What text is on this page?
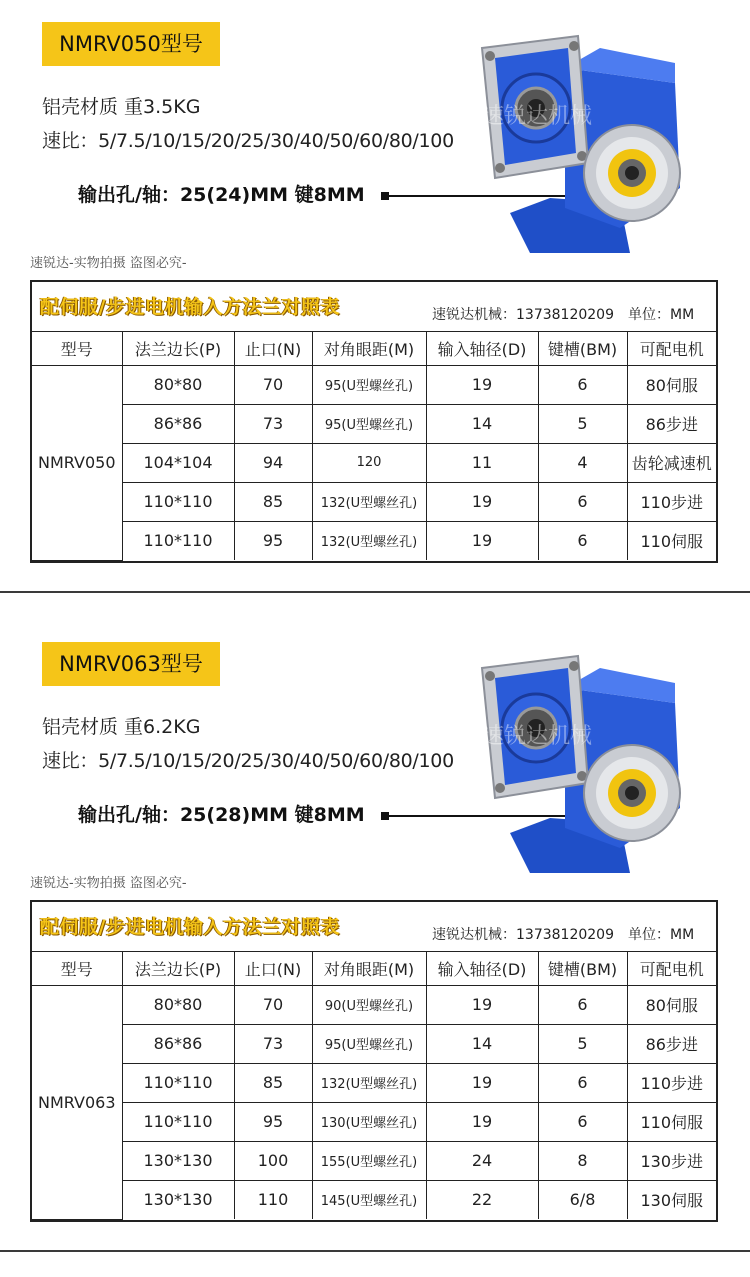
NMRV050型号
铝壳材质 重3.5KG
速比：5/7.5/10/15/20/25/30/40/50/60/80/100
输出孔/轴：25(24)MM 键8MM
速锐达-实物拍摄 盗图必究-
速锐达机械
配伺服/步进电机输入方法兰对照表	速锐达机械：13738120209 单位：MM
型号	法兰边长(P)	止口(N)	对角眼距(M)	输入轴径(D)	键槽(BM)	可配电机
NMRV050	80*80	70	95(U型螺丝孔)	19	6	80伺服
	86*86	73	95(U型螺丝孔)	14	5	86步进
	104*104	94	120	11	4	齿轮减速机
	110*110	85	132(U型螺丝孔)	19	6	110步进
	110*110	95	132(U型螺丝孔)	19	6	110伺服
NMRV063型号
铝壳材质 重6.2KG
速比：5/7.5/10/15/20/25/30/40/50/60/80/100
输出孔/轴：25(28)MM 键8MM
速锐达-实物拍摄 盗图必究-
速锐达机械
配伺服/步进电机输入方法兰对照表	速锐达机械：13738120209 单位：MM
型号	法兰边长(P)	止口(N)	对角眼距(M)	输入轴径(D)	键槽(BM)	可配电机
NMRV063	80*80	70	90(U型螺丝孔)	19	6	80伺服
	86*86	73	95(U型螺丝孔)	14	5	86步进
	110*110	85	132(U型螺丝孔)	19	6	110步进
	110*110	95	130(U型螺丝孔)	19	6	110伺服
	130*130	100	155(U型螺丝孔)	24	8	130步进
	130*130	110	145(U型螺丝孔)	22	6/8	130伺服
